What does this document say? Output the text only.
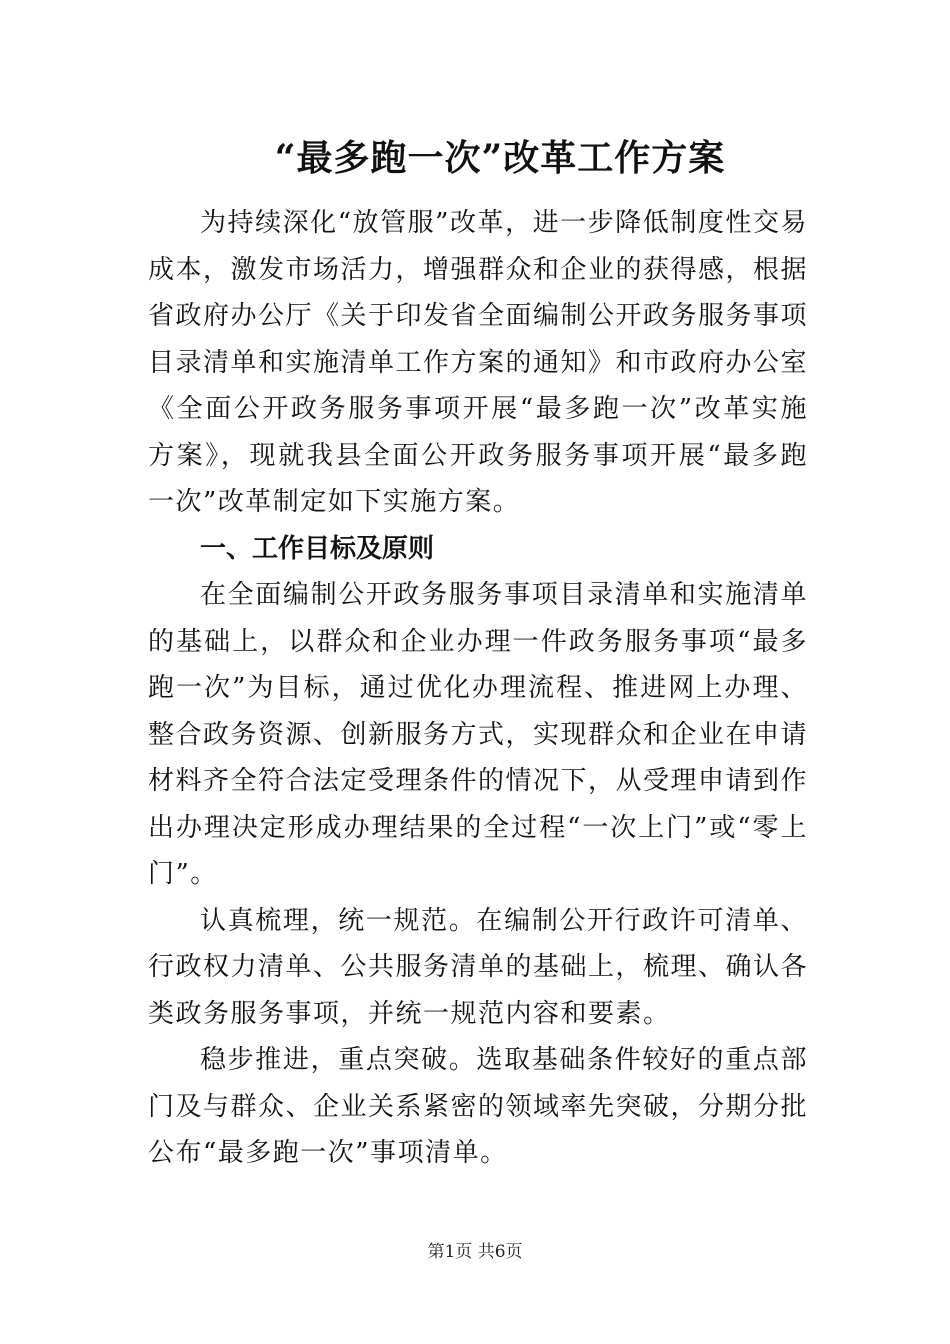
“最多跑一次”改革工作方案

为持续深化“放管服”改革，进一步降低制度性交易成本，激发市场活力，增强群众和企业的获得感，根据省政府办公厅《关于印发省全面编制公开政务服务事项目录清单和实施清单工作方案的通知》和市政府办公室《全面公开政务服务事项开展“最多跑一次”改革实施方案》，现就我县全面公开政务服务事项开展“最多跑一次”改革制定如下实施方案。

一、工作目标及原则

在全面编制公开政务服务事项目录清单和实施清单的基础上，以群众和企业办理一件政务服务事项“最多跑一次”为目标，通过优化办理流程、推进网上办理、整合政务资源、创新服务方式，实现群众和企业在申请材料齐全符合法定受理条件的情况下，从受理申请到作出办理决定形成办理结果的全过程“一次上门”或“零上门”。

认真梳理，统一规范。在编制公开行政许可清单、行政权力清单、公共服务清单的基础上，梳理、确认各类政务服务事项，并统一规范内容和要素。

稳步推进，重点突破。选取基础条件较好的重点部门及与群众、企业关系紧密的领域率先突破，分期分批公布“最多跑一次”事项清单。

第1页 共6页
